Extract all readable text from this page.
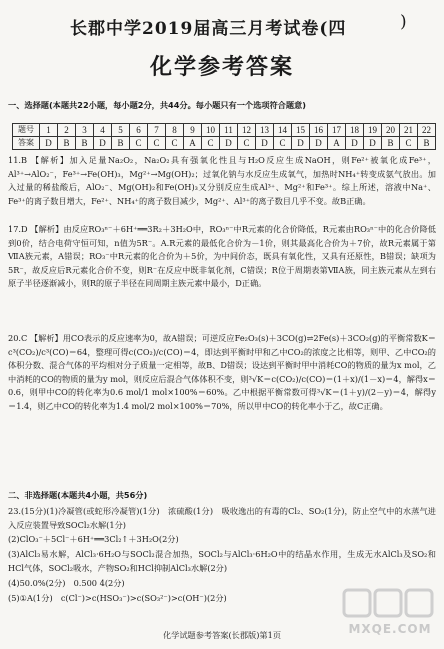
长郡中学2019届高三月考试卷(四	)
化学参考答案
一、选择题(本题共22小题，每小题2分，共44分。每小题只有一个选项符合题意)
题号	1	2	3	4	5	6	7	8	9	10	11	12	13	14	15	16	17	18	19	20	21	22
答案	D	B	B	D	B	C	C	C	A	C	D	C	D	C	D	D	A	D	D	B	C	B
11.B 【解析】加入足量Na₂O₂，Na₂O₂具有强氧化性且与H₂O反应生成NaOH，则Fe²⁺被氧化成Fe³⁺，Al³⁺→AlO₂⁻，Fe³⁺→Fe(OH)₃，Mg²⁺→Mg(OH)₂；过氧化钠与水反应生成氧气，加热时NH₄⁺转变成氨气放出。加入过量的稀盐酸后，AlO₂⁻、Mg(OH)₂和Fe(OH)₃又分别反应生成Al³⁺、Mg²⁺和Fe³⁺。综上所述，溶液中Na⁺、Fe³⁺的离子数目增大，Fe²⁺、NH₄⁺的离子数目减少，Mg²⁺、Al³⁺的离子数目几乎不变。故B正确。
17.D 【解析】由反应RO₃ⁿ⁻＋6H⁺══3R₂＋3H₂O中，RO₃ⁿ⁻中R元素的化合价降低，R元素由RO₃ⁿ⁻中的化合价降低到0价，结合电荷守恒可知，n值为5R⁻。A.R元素的最低化合价为－1价，则其最高化合价为＋7价，故R元素属于第ⅦA族元素，A错误；RO₃⁻中R元素的化合价为＋5价，为中间价态，既具有氧化性，又具有还原性，B错误；缺项为5R⁻，故反应后R元素化合价不变，则R⁻在反应中既非氧化剂，C错误；R位于周期表第ⅦA族，同主族元素从左到右原子半径逐渐减小，则R的原子半径在同周期主族元素中最小，D正确。
20.C 【解析】用CO表示的反应速率为0，故A错误；可逆反应Fe₂O₃(s)＋3CO(g)⇌2Fe(s)＋3CO₂(g)的平衡常数K＝c³(CO₂)/c³(CO)＝64，整理可得c(CO₂)/c(CO)＝4，即达到平衡时甲和乙中CO₂的浓度之比相等，则甲、乙中CO₂的体积分数、混合气体的平均相对分子质量一定相等，故B、D错误；设达到平衡时甲中消耗CO的物质的量为x mol，乙中消耗的CO的物质的量为y mol，则反应后混合气体体积不变，则³√K＝c(CO₂)/c(CO)＝(1＋x)/(1－x)＝4，解得x＝0.6，则甲中CO的转化率为0.6 mol/1 mol×100%＝60%。乙中根据平衡常数可得³√K＝(1＋y)/(2－y)＝4，解得y＝1.4，则乙中CO的转化率为1.4 mol/2 mol×100%＝70%，所以甲中CO的转化率小于乙，故C正确。
二、非选择题(本题共4小题，共56分)
23.(15分)(1)冷凝管(或蛇形冷凝管)(1分)　浓硫酸(1分)　吸收逸出的有毒的Cl₂、SO₂(1分)，防止空气中的水蒸气进入反应装置导致SOCl₂水解(1分)
(2)ClO₃⁻＋5Cl⁻＋6H⁺══3Cl₂↑＋3H₂O(2分)
(3)AlCl₃易水解，AlCl₃·6H₂O与SOCl₂混合加热，SOCl₂与AlCl₃·6H₂O中的结晶水作用，生成无水AlCl₃及SO₂和HCl气体，SOCl₂吸水，产物SO₂和HCl抑制AlCl₃水解(2分)
(4)50.0%(2分)　0.500 4(2分)
(5)①A(1分)　c(Cl⁻)>c(HSO₃⁻)>c(SO₃²⁻)>c(OH⁻)(2分)
MXQE.COM
化学试题参考答案(长郡版)第1页
